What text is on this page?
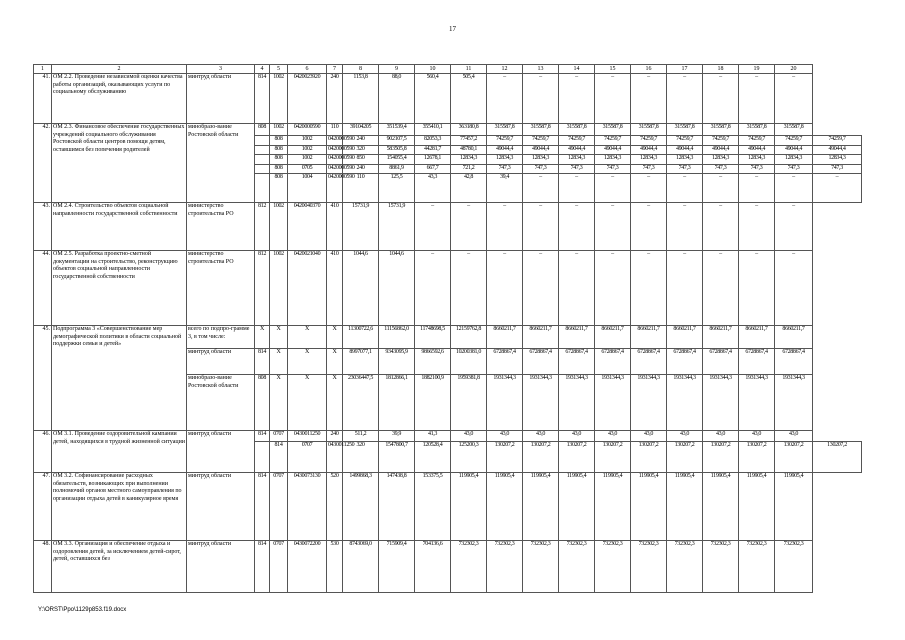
17
1	2	3	4	5	6	7	8	9	10	11	12	13	14	15	16	17	18	19	20	
41.	ОМ 2.2. Проведение независимой оценки качества работы организаций, оказывающих услуги по социальному обслуживанию	минтруд области	814	1002	0420023920	240	1153,8	88,0	560,4	505,4	–	–	–	–	–	–	–	–	–	
42.	ОМ 2.3. Финансовое обеспечение государственных учреждений социального обслуживания Ростовской области центров помощи детям, оставшимся без попечения родителей	минобразо-вание Ростовской области	808	1002	0420000590	110	39104205	351539,4	355410,1	363180,8	315587,8	315587,8	315587,8	315587,8	315587,8	315587,8	315587,8	315587,8	315587,8	
				808	1002	0420000590	240	902107,5	82053,3	77457,2	74259,7	74259,7	74259,7	74259,7	74259,7	74259,7	74259,7	74259,7	74259,7	74259,7
				808	1002	0420000590	320	583505,8	44281,7	48780,1	49044,4	49044,4	49044,4	49044,4	49044,4	49044,4	49044,4	49044,4	49044,4	49044,4
				808	1002	0420000590	850	154055,4	12678,1	12834,3	12834,3	12834,3	12834,3	12834,3	12834,3	12834,3	12834,3	12834,3	12834,3	12834,3
				808	0705	0420000590	240	8861,9	667,7	721,2	747,3	747,3	747,3	747,3	747,3	747,3	747,3	747,3	747,3	747,3
				808	1004	0420000590	110	125,5	43,3	42,8	39,4	–	–	–	–	–	–	–	–	–
43.	ОМ 2.4. Строительство объектов социальной направленности государственной собственности	министерство строительства РО	812	1002	0420040370	410	15731,9	15731,9	–	–	–	–	–	–	–	–	–	–	–	
44.	ОМ 2.5. Разработка проектно-сметной документации на строительство, реконструкцию объектов социальной направленности государственной собственности	министерство строительства РО	812	1002	0420021040	410	1044,6	1044,6	–	–	–	–	–	–	–	–	–	–	–	
45.	Подпрограмма 3 «Совершенствование мер демографической политики в области социальной поддержки семьи и детей»	всего по подпро-грамме 3, в том числе:	X	X	X	X	11300722,6	11156862,0	11748698,5	12159762,8	8660211,7	8660211,7	8660211,7	8660211,7	8660211,7	8660211,7	8660211,7	8660211,7	8660211,7	
		минтруд области	814	X	X	X	8997077,1	9343095,9	9866592,6	10200381,0	6728867,4	6728867,4	6728867,4	6728867,4	6728867,4	6728867,4	6728867,4	6728867,4	6728867,4	
		минобразо-вание Ростовской области	808	X	X	X	23036447,5	1812866,1	1882100,9	1959381,8	1931344,3	1931344,3	1931344,3	1931344,3	1931344,3	1931344,3	1931344,3	1931344,3	1931344,3	
46.	ОМ 3.1. Проведение оздоровительной кампании детей, находящихся в трудной жизненной ситуации	минтруд области	814	0707	0430011250	240	511,2	39,9	41,3	43,0	43,0	43,0	43,0	43,0	43,0	43,0	43,0	43,0	43,0	
				814	0707	0430011250	320	1547800,7	120528,4	125200,3	130207,2	130207,2	130207,2	130207,2	130207,2	130207,2	130207,2	130207,2	130207,2	130207,2
47.	ОМ 3.2. Софинансирование расходных обязательств, возникающих при выполнении полномочий органов местного самоуправления по организации отдыха детей в каникулярное время	минтруд области	814	0707	0430073130	520	1499868,3	147438,8	153375,5	119905,4	119905,4	119905,4	119905,4	119905,4	119905,4	119905,4	119905,4	119905,4	119905,4	
48.	ОМ 3.3. Организация и обеспечение отдыха и оздоровления детей, за исключением детей-сирот, детей, оставшихся без	минтруд области	814	0707	0430072200	530	8743069,0	715909,4	704136,6	732302,3	732302,3	732302,3	732302,3	732302,3	732302,3	732302,3	732302,3	732302,3	732302,3	
Y:\ORST\Ppo\1129p853.f19.docx
